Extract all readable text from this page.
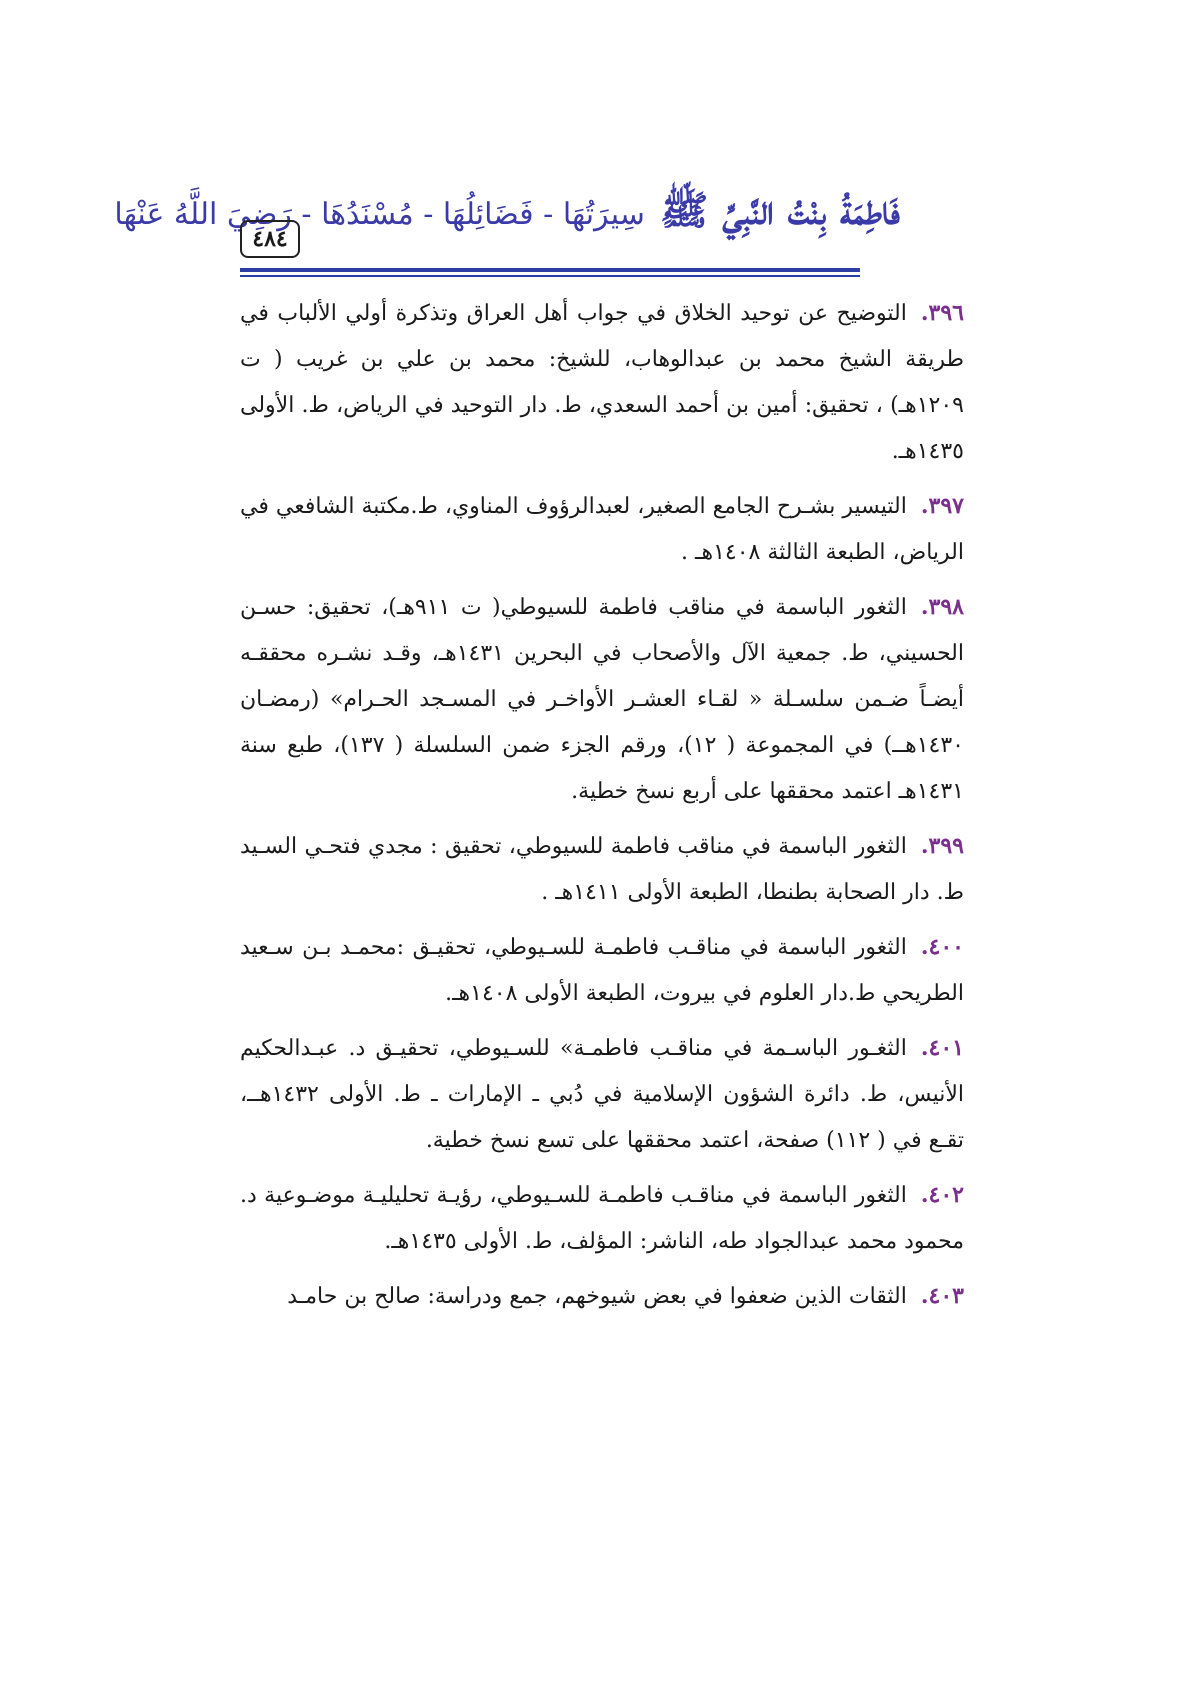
فَاطِمَةُ بِنْتُ النَّبِيِّ ﷺ سِيرَتُهَا - فَضَائِلُهَا - مُسْنَدُهَا - رَضِيَ اللَّهُ عَنْهَا
٤٨٤

٣٩٦.التوضيح عن توحيد الخلاق في جواب أهل العراق وتذكرة أولي الألباب في طريقة الشيخ محمد بن عبدالوهاب، للشيخ: محمد بن علي بن غريب ( ت ١٢٠٩هـ) ، تحقيق: أمين بن أحمد السعدي، ط. دار التوحيد في الرياض، ط. الأولى ١٤٣٥هـ.

٣٩٧.التيسير بشـرح الجامع الصغير، لعبدالرؤوف المناوي، ط.مكتبة الشافعي في الرياض، الطبعة الثالثة ١٤٠٨هـ .

٣٩٨.الثغور الباسمة في مناقب فاطمة للسيوطي( ت ٩١١هـ)، تحقيق: حسـن الحسيني، ط. جمعية الآل والأصحاب في البحرين ١٤٣١هـ، وقـد نشـره محققـه أيضـاً ضـمن سلسـلة « لقـاء العشـر الأواخـر في المسـجد الحـرام» (رمضـان ١٤٣٠هــ) في المجموعة ( ١٢)، ورقم الجزء ضمن السلسلة ( ١٣٧)، طبع سنة ١٤٣١هـ اعتمد محققها على أربع نسخ خطية.

٣٩٩.الثغور الباسمة في مناقب فاطمة للسيوطي، تحقيق : مجدي فتحـي السـيد ط. دار الصحابة بطنطا، الطبعة الأولى ١٤١١هـ .

٤٠٠.الثغور الباسمة في مناقـب فاطمـة للسـيوطي، تحقيـق :محمـد بـن سـعيد الطريحي ط.دار العلوم في بيروت، الطبعة الأولى ١٤٠٨هـ.

٤٠١.الثغـور الباسـمة في مناقـب فاطمـة» للسـيوطي، تحقيـق د. عبـدالحكيم الأنيس، ط. دائرة الشؤون الإسلامية في دُبي ـ الإمارات ـ ط. الأولى ١٤٣٢هــ، تقـع في ( ١١٢) صفحة، اعتمد محققها على تسع نسخ خطية.

٤٠٢.الثغور الباسمة في مناقـب فاطمـة للسـيوطي، رؤيـة تحليليـة موضـوعية د. محمود محمد عبدالجواد طه، الناشر: المؤلف، ط. الأولى ١٤٣٥هـ.

٤٠٣.الثقات الذين ضعفوا في بعض شيوخهم، جمع ودراسة: صالح بن حامـد
